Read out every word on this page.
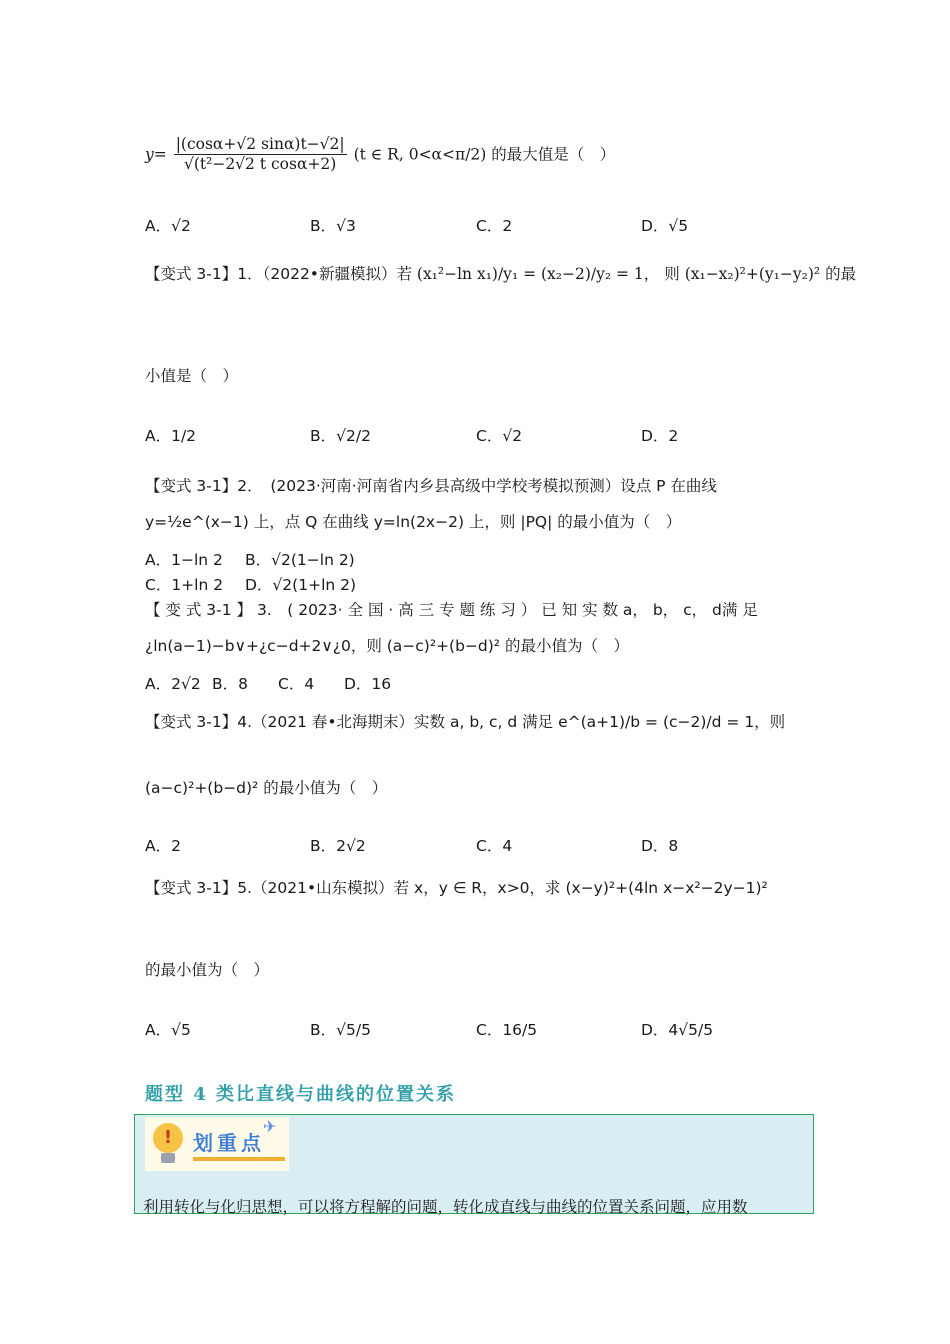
$y= \frac{|(\cos\alpha+√2 \sin\alpha)t-√2|}{\text{√(t²−2√2 t cosα+2)}} (t$ ∈ R, 0<α<π/2) 的最大值是（　）
A．√2	B．√3	C．2	D．√5
【变式 3-1】1．（2022•新疆模拟）若 (x₁²−ln x₁)/y₁ = (x₂−2)/y₂ = 1， 则 (x₁−x₂)²+(y₁−y₂)² 的最
小值是（　）
A．1/2	B．√2/2	C．√2	D．2
【变式 3-1】2．　(2023·河南·河南省内乡县高级中学校考模拟预测）设点 P 在曲线
y=½e^(x−1) 上，点 Q 在曲线 y=ln(2x−2) 上，则 |PQ| 的最小值为（　）
A．1−ln 2 B．√2(1−ln 2)
C．1+ln 2 D．√2(1+ln 2)
【 变 式 3-1 】 3.　( 2023· 全 国 · 高 三 专 题 练 习 ） 已 知 实 数 a， b， c， d满 足
¿ln(a−1)−b∨+¿c−d+2∨¿0，则 (a−c)²+(b−d)² 的最小值为（　）
A．2√2 B．8 C．4 D．16
【变式 3-1】4.（2021 春•北海期末）实数 a, b, c, d 满足 e^(a+1)/b = (c−2)/d = 1，则
(a−c)²+(b−d)² 的最小值为（　）
A．2	B．2√2	C．4	D．8
【变式 3-1】5.（2021•山东模拟）若 x，y ∈ R，x>0，求 (x−y)²+(4ln x−x²−2y−1)²
的最小值为（　）
A．√5	B．√5/5	C．16/5	D．4√5/5
题型 4 类比直线与曲线的位置关系
!	划重点
✈
利用转化与化归思想，可以将方程解的问题，转化成直线与曲线的位置关系问题，应用数
